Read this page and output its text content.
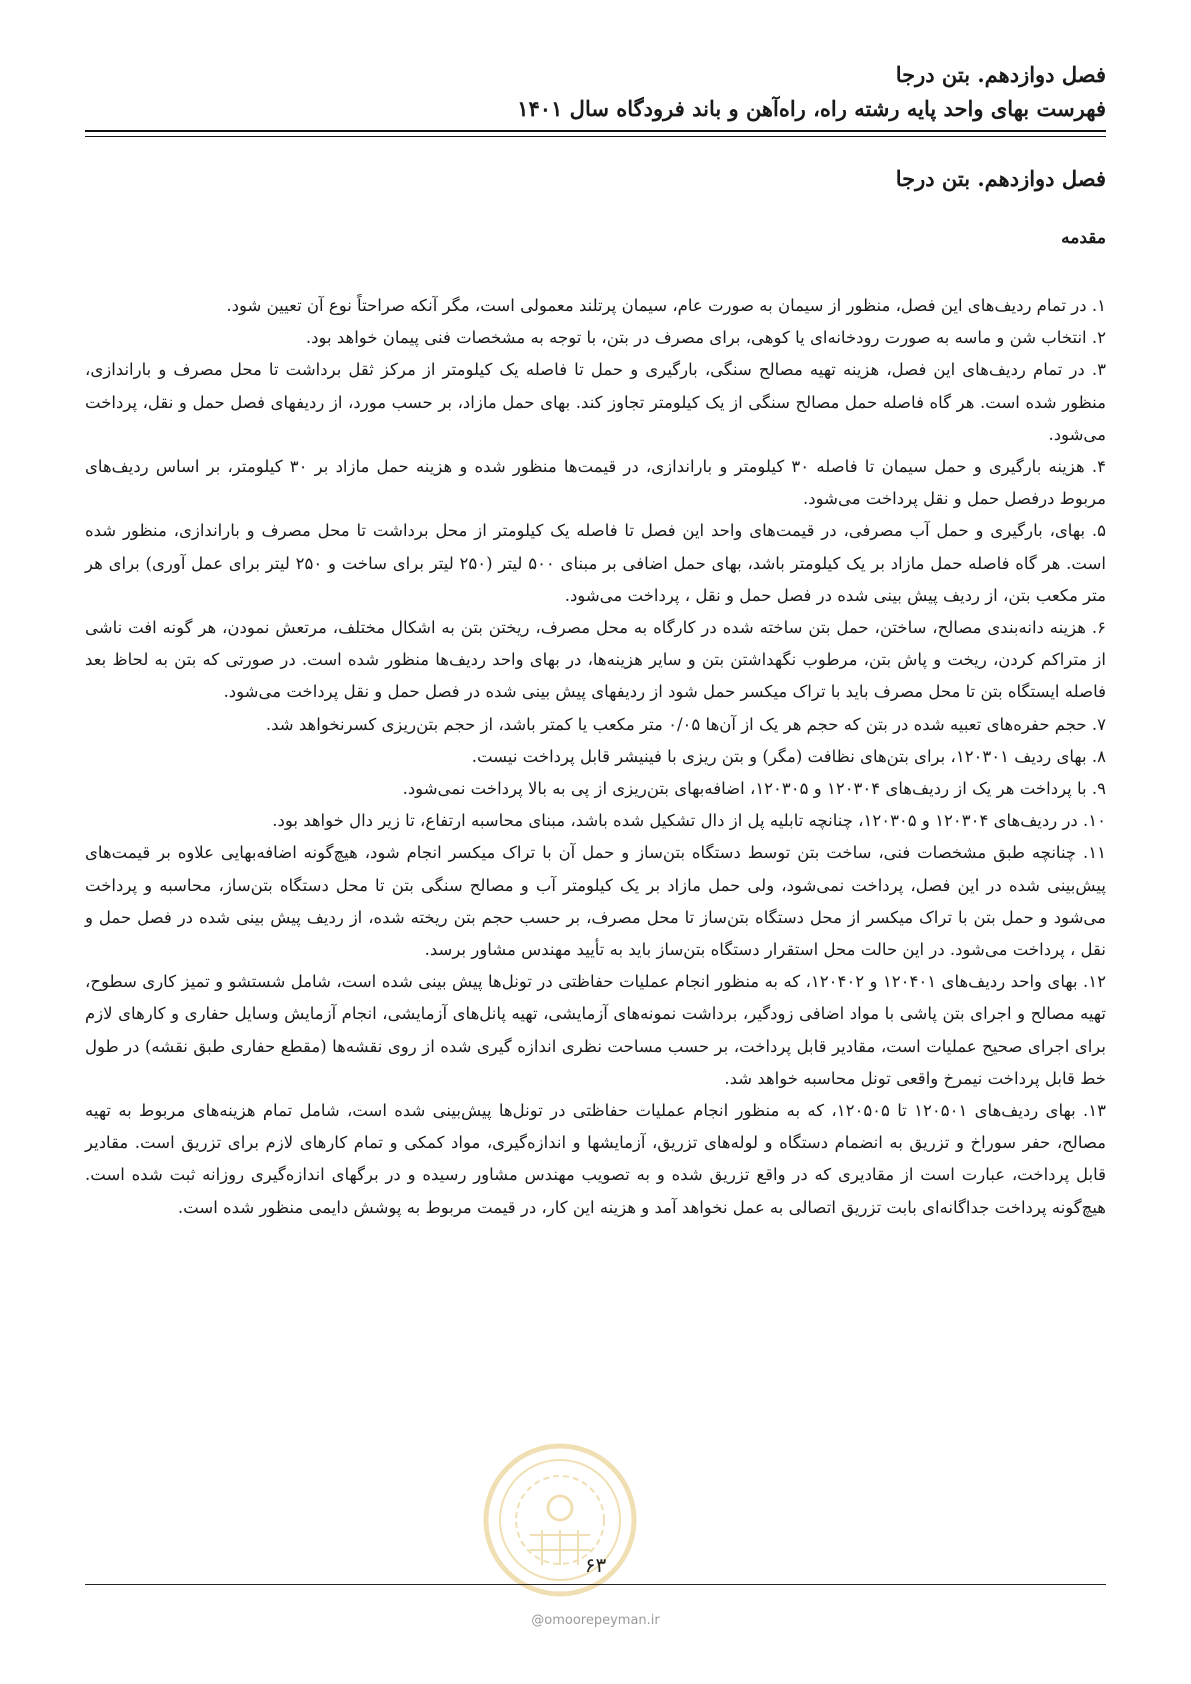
فصل دوازدهم. بتن درجا
فهرست بهای واحد پایه رشته راه، راه‌آهن و باند فرودگاه سال ۱۴۰۱
فصل دوازدهم. بتن درجا
مقدمه

۱. در تمام ردیف‌های این فصل، منظور از سیمان به صورت عام، سیمان پرتلند معمولی است، مگر آنکه صراحتاً نوع آن تعیین شود.

۲. انتخاب شن و ماسه به صورت رودخانه‌ای یا کوهی، برای مصرف در بتن، با توجه به مشخصات فنی پیمان خواهد بود.

۳. در تمام ردیف‌های این فصل، هزینه تهیه مصالح سنگی، بارگیری و حمل تا فاصله یک کیلومتر از مرکز ثقل برداشت تا محل مصرف و باراندازی، منظور شده است. هر گاه فاصله حمل مصالح سنگی از یک کیلومتر تجاوز کند. بهای حمل مازاد، بر حسب مورد، از ردیفهای فصل حمل و نقل، پرداخت می‌شود.

۴. هزینه بارگیری و حمل سیمان تا فاصله ۳۰ کیلومتر و باراندازی، در قیمت‌ها منظور شده و هزینه حمل مازاد بر ۳۰ کیلومتر، بر اساس ردیف‌های مربوط درفصل حمل و نقل پرداخت می‌شود.

۵. بهای، بارگیری و حمل آب مصرفی، در قیمت‌های واحد این فصل تا فاصله یک کیلومتر از محل برداشت تا محل مصرف و باراندازی، منظور شده است. هر گاه فاصله حمل مازاد بر یک کیلومتر باشد، بهای حمل اضافی بر مبنای ۵۰۰ لیتر (۲۵۰ لیتر برای ساخت و ۲۵۰ لیتر برای عمل آوری) برای هر متر مکعب بتن، از ردیف پیش بینی شده در فصل حمل و نقل ، پرداخت می‌شود.

۶. هزینه دانه‌بندی مصالح، ساختن، حمل بتن ساخته شده در کارگاه به محل مصرف، ریختن بتن به اشکال مختلف، مرتعش نمودن، هر گونه افت ناشی از متراکم کردن، ریخت و پاش بتن، مرطوب نگهداشتن بتن و سایر هزینه‌ها، در بهای واحد ردیف‌ها منظور شده است. در صورتی که بتن به لحاظ بعد فاصله ایستگاه بتن تا محل مصرف باید با تراک میکسر حمل شود از ردیفهای پیش بینی شده در فصل حمل و نقل پرداخت می‌شود.

۷. حجم حفره‌های تعبیه شده در بتن که حجم هر یک از آن‌ها ۰/۰۵ متر مکعب یا کمتر باشد، از حجم بتن‌ریزی کسرنخواهد شد.

۸. بهای ردیف ۱۲۰۳۰۱، برای بتن‌های نظافت (مگر) و بتن ریزی با فینیشر قابل پرداخت نیست.

۹. با پرداخت هر یک از ردیف‌های ۱۲۰۳۰۴ و ۱۲۰۳۰۵، اضافه‌بهای بتن‌ریزی از پی به بالا پرداخت نمی‌شود.

۱۰. در ردیف‌های ۱۲۰۳۰۴ و ۱۲۰۳۰۵، چنانچه تابلیه پل از دال تشکیل شده باشد، مبنای محاسبه ارتفاع، تا زیر دال خواهد بود.

۱۱. چنانچه طبق مشخصات فنی، ساخت بتن توسط دستگاه بتن‌ساز و حمل آن با تراک میکسر انجام شود، هیچ‌گونه اضافه‌بهایی علاوه بر قیمت‌های پیش‌بینی شده در این فصل، پرداخت نمی‌شود، ولی حمل مازاد بر یک کیلومتر آب و مصالح سنگی بتن تا محل دستگاه بتن‌ساز، محاسبه و پرداخت می‌شود و حمل بتن با تراک میکسر از محل دستگاه بتن‌ساز تا محل مصرف، بر حسب حجم بتن ریخته شده، از ردیف پیش بینی شده در فصل حمل و نقل ، پرداخت می‌شود. در این حالت محل استقرار دستگاه بتن‌ساز باید به تأیید مهندس مشاور برسد.

۱۲. بهای واحد ردیف‌های ۱۲۰۴۰۱ و ۱۲۰۴۰۲، که به منظور انجام عملیات حفاظتی در تونل‌ها پیش بینی شده است، شامل شستشو و تمیز کاری سطوح، تهیه مصالح و اجرای بتن پاشی با مواد اضافی زودگیر، برداشت نمونه‌های آزمایشی، تهیه پانل‌های آزمایشی، انجام آزمایش وسایل حفاری و کارهای لازم برای اجرای صحیح عملیات است، مقادیر قابل پرداخت، بر حسب مساحت نظری اندازه گیری شده از روی نقشه‌ها (مقطع حفاری طبق نقشه) در طول خط قابل پرداخت نیمرخ واقعی تونل محاسبه خواهد شد.

۱۳. بهای ردیف‌های ۱۲۰۵۰۱ تا ۱۲۰۵۰۵، که به منظور انجام عملیات حفاظتی در تونل‌ها پیش‌بینی شده است، شامل تمام هزینه‌های مربوط به تهیه مصالح، حفر سوراخ و تزریق به انضمام دستگاه و لوله‌های تزریق، آزمایشها و اندازه‌گیری، مواد کمکی و تمام کارهای لازم برای تزریق است. مقادیر قابل پرداخت، عبارت است از مقادیری که در واقع تزریق شده و به تصویب مهندس مشاور رسیده و در برگهای اندازه‌گیری روزانه ثبت شده است. هیچ‌گونه پرداخت جداگانه‌ای بابت تزریق اتصالی به عمل نخواهد آمد و هزینه این کار، در قیمت مربوط به پوشش دایمی منظور شده است.

۶۳
@omoorepeyman.ir
